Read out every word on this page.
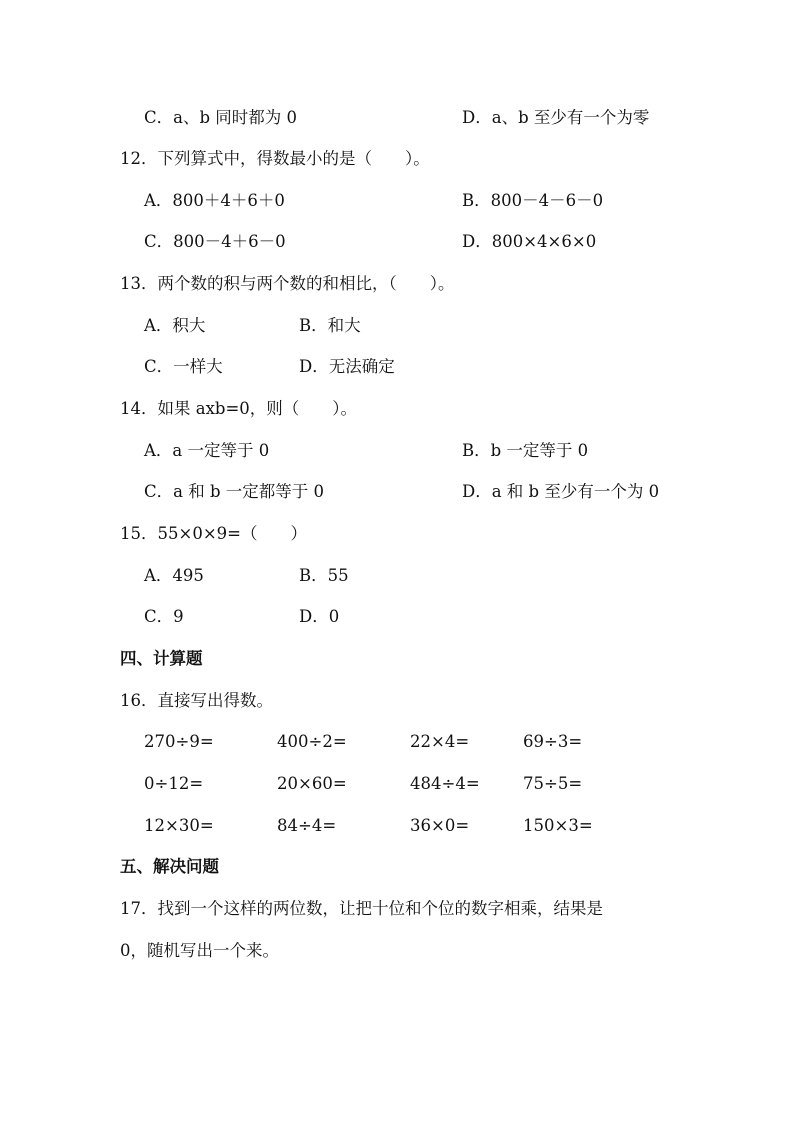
C．a、b 同时都为 0	D．a、b 至少有一个为零
12．下列算式中，得数最小的是（　　）。
A．800＋4＋6＋0	B．800－4－6－0
C．800－4＋6－0	D．800×4×6×0
13．两个数的积与两个数的和相比，（　　）。
A．积大	B．和大
C．一样大	D．无法确定
14．如果 axb=0，则（　　）。
A．a 一定等于 0	B．b 一定等于 0
C．a 和 b 一定都等于 0	D．a 和 b 至少有一个为 0
15．55×0×9=（　　）
A．495	B．55
C．9	D．0
四、计算题
16．直接写出得数。
270÷9=	400÷2=	22×4=	69÷3=
0÷12=	20×60=	484÷4=	75÷5=
12×30=	84÷4=	36×0=	150×3=
五、解决问题
17．找到一个这样的两位数，让把十位和个位的数字相乘，结果是
0，随机写出一个来。
